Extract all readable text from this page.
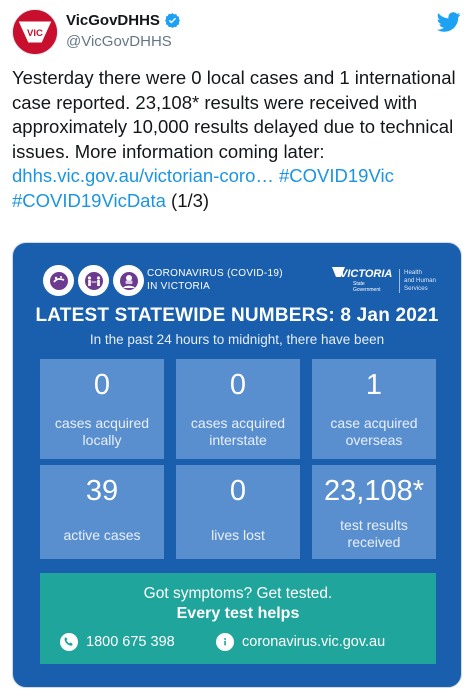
VIC
VicGovDHHS
@VicGovDHHS
Yesterday there were 0 local cases and 1 international case reported. 23,108* results were received with approximately 10,000 results delayed due to technical issues. More information coming later:
dhhs.vic.gov.au/victorian-coro… #COVID19Vic
#COVID19VicData (1/3)
CORONAVIRUS (COVID-19)
IN VICTORIA
VICTORIA
State
Government
Health
and Human
Services
LATEST STATEWIDE NUMBERS: 8 Jan 2021
In the past 24 hours to midnight, there have been
0
cases acquired
locally
0
cases acquired
interstate
1
case acquired
overseas
39
active cases
0
lives lost
23,108*
test results
received
Got symptoms? Get tested.
Every test helps
1800 675 398	coronavirus.vic.gov.au
